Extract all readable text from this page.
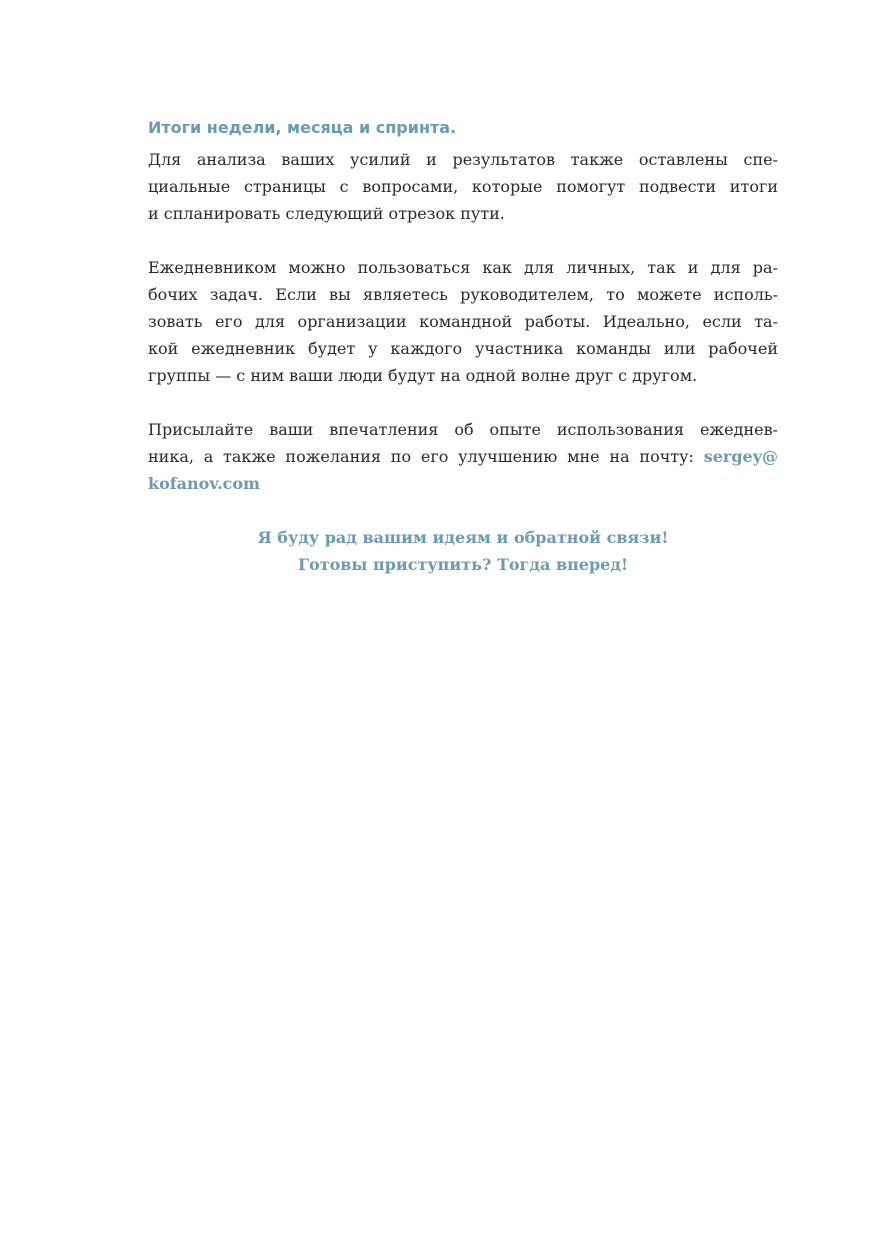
Итоги недели, месяца и спринта.

Для анализа ваших усилий и результатов также оставлены спе-
циальные страницы с вопросами, которые помогут подвести итоги
и спланировать следующий отрезок пути.

Ежедневником можно пользоваться как для личных, так и для ра-
бочих задач. Если вы являетесь руководителем, то можете исполь-
зовать его для организации командной работы. Идеально, если та-
кой ежедневник будет у каждого участника команды или рабочей
группы — с ним ваши люди будут на одной волне друг с другом.

Присылайте ваши впечатления об опыте использования ежеднев-
ника, а также пожелания по его улучшению мне на почту: sergey@
kofanov.com

Я буду рад вашим идеям и обратной связи!
Готовы приступить? Тогда вперед!
